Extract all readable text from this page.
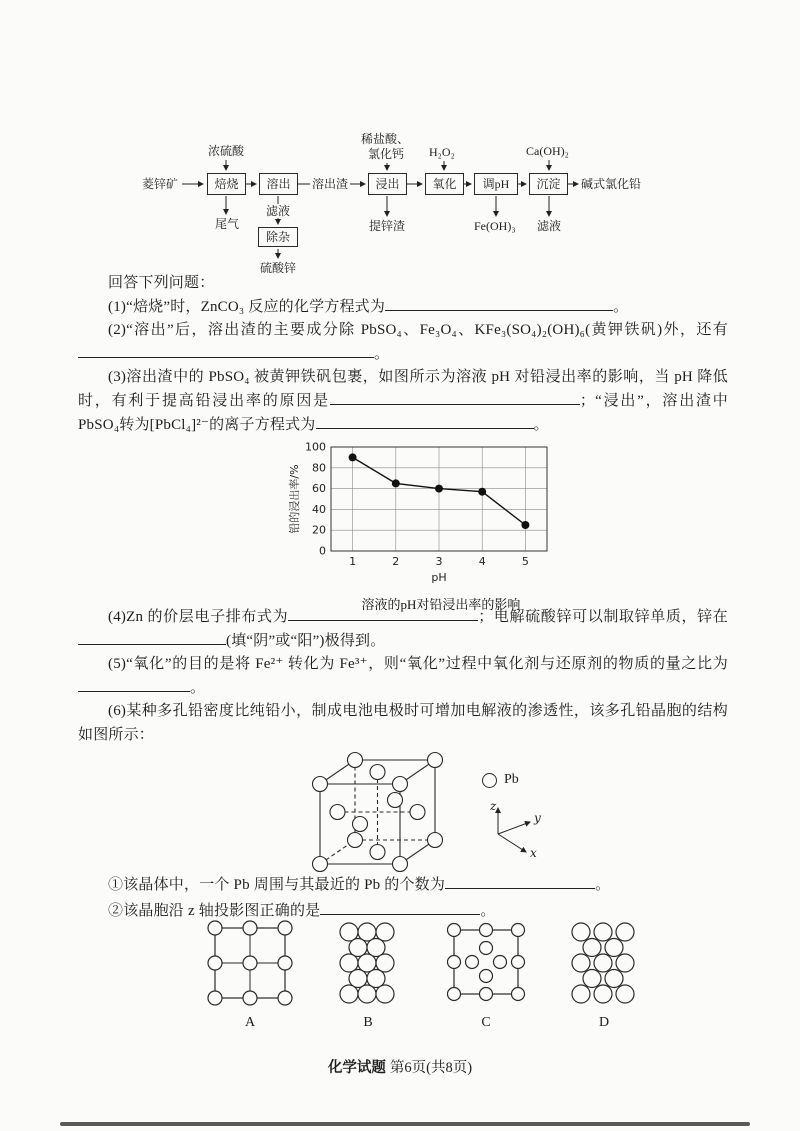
浓硫酸
稀盐酸、
氯化钙 H₂O₂	Ca(OH)₂
菱锌矿	焙烧	溶出	溶出渣	浸出	氧化	调pH	沉淀	碱式氯化铅
尾气
滤液
除杂
硫酸锌
提锌渣	Fe(OH)₃ 滤液

回答下列问题：

(1)“焙烧”时，ZnCO₃ 反应的化学方程式为	。

(2)“溶出”后，溶出渣的主要成分除 PbSO₄、Fe₃O₄、KFe₃(SO₄)₂(OH)₆(黄钾铁矾)外，还有。

(3)溶出渣中的 PbSO₄ 被黄钾铁矾包裹，如图所示为溶液 pH 对铅浸出率的影响，当 pH 降低时，有利于提高铅浸出率的原因是	；“浸出”，溶出渣中PbSO₄转为[PbCl₄]²⁻的离子方程式为	。

0
20
40
60
80
100
1	2	3	4	5
pH
铅的浸出率/%
溶液的pH对铅浸出率的影响

(4)Zn 的价层电子排布式为	；电解硫酸锌可以制取锌单质，锌在(填“阴”或“阳”)极得到。

(5)“氧化”的目的是将 Fe²⁺ 转化为 Fe³⁺，则“氧化”过程中氧化剂与还原剂的物质的量之比为。

(6)某种多孔铅密度比纯铅小，制成电池电极时可增加电解液的渗透性，该多孔铅晶胞的结构如图所示：

Pb
z
y
x

①该晶体中，一个 Pb 周围与其最近的 Pb 的个数为	。

②该晶胞沿 z 轴投影图正确的是	。

A	B	C	D
化学试题 第6页(共8页)
